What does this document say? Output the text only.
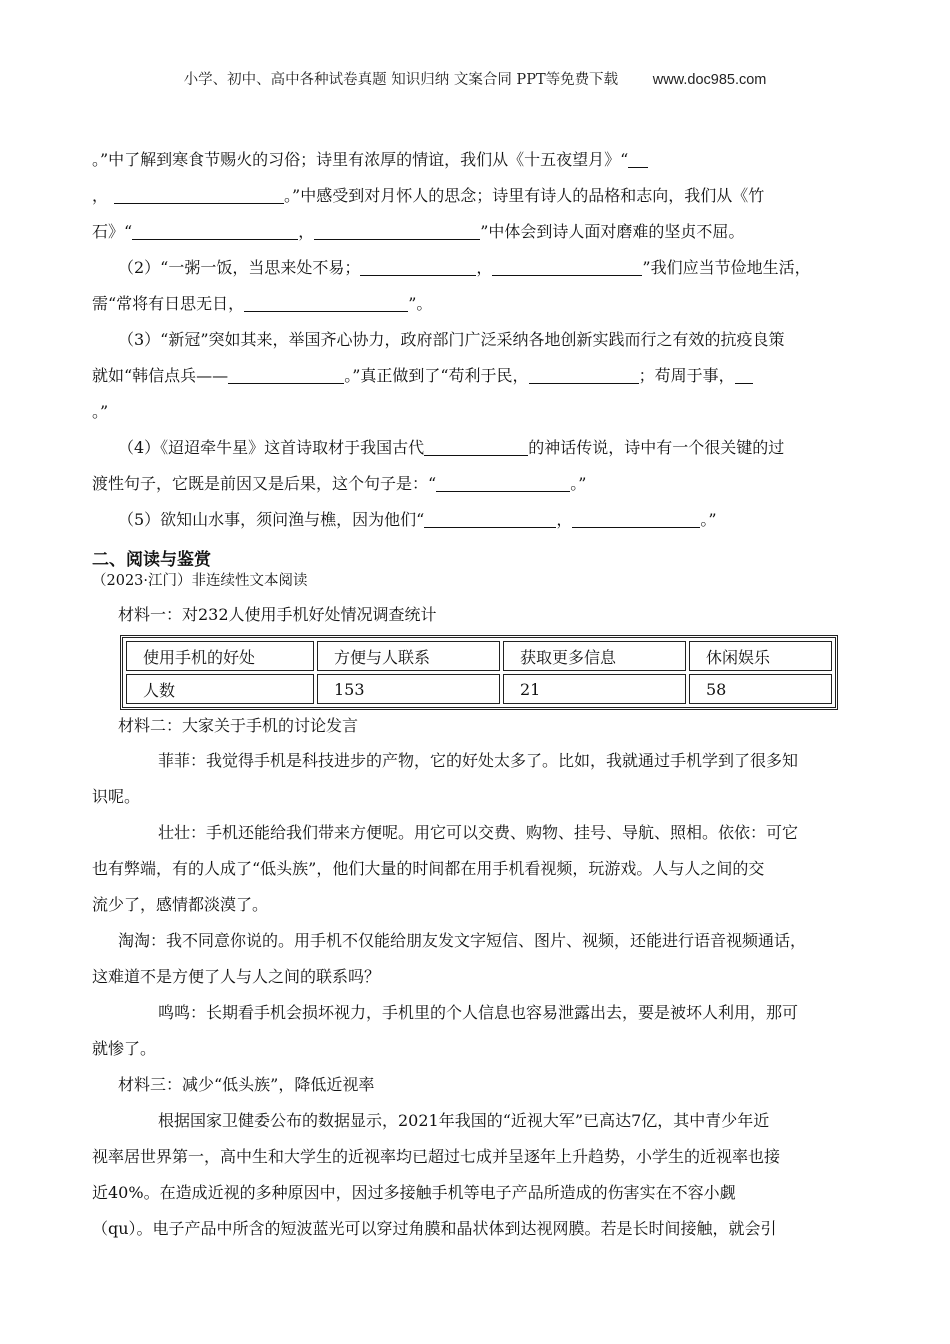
小学、初中、高中各种试卷真题 知识归纳 文案合同 PPT等免费下载 www.doc985.com
。”中了解到寒食节赐火的习俗；诗里有浓厚的情谊，我们从《十五夜望月》“
，	。”中感受到对月怀人的思念；诗里有诗人的品格和志向，我们从《竹
石》“	，	”中体会到诗人面对磨难的坚贞不屈。
（2）“一粥一饭，当思来处不易；	，	”我们应当节俭地生活，
需“常将有日思无日，	”。
（3）“新冠”突如其来，举国齐心协力，政府部门广泛采纳各地创新实践而行之有效的抗疫良策
就如“韩信点兵——	。”真正做到了“苟利于民，	；苟周于事，
。”
（4）《迢迢牵牛星》这首诗取材于我国古代	的神话传说，诗中有一个很关键的过
渡性句子，它既是前因又是后果，这个句子是：“	。”
（5）欲知山水事，须问渔与樵，因为他们“	，	。”
二、阅读与鉴赏
（2023·江门）非连续性文本阅读
材料一：对232人使用手机好处情况调查统计
使用手机的好处	方便与人联系	获取更多信息	休闲娱乐
人数	153	21	58
材料二：大家关于手机的讨论发言
菲菲：我觉得手机是科技进步的产物，它的好处太多了。比如，我就通过手机学到了很多知
识呢。
壮壮：手机还能给我们带来方便呢。用它可以交费、购物、挂号、导航、照相。依依：可它
也有弊端，有的人成了“低头族”，他们大量的时间都在用手机看视频，玩游戏。人与人之间的交
流少了，感情都淡漠了。
淘淘：我不同意你说的。用手机不仅能给朋友发文字短信、图片、视频，还能进行语音视频通话，
这难道不是方便了人与人之间的联系吗？
鸣鸣：长期看手机会损坏视力，手机里的个人信息也容易泄露出去，要是被坏人利用，那可
就惨了。
材料三：减少“低头族”，降低近视率
根据国家卫健委公布的数据显示，2021年我国的“近视大军”已高达7亿，其中青少年近
视率居世界第一，高中生和大学生的近视率均已超过七成并呈逐年上升趋势，小学生的近视率也接
近40%。在造成近视的多种原因中，因过多接触手机等电子产品所造成的伤害实在不容小觑
（qu）。电子产品中所含的短波蓝光可以穿过角膜和晶状体到达视网膜。若是长时间接触，就会引
